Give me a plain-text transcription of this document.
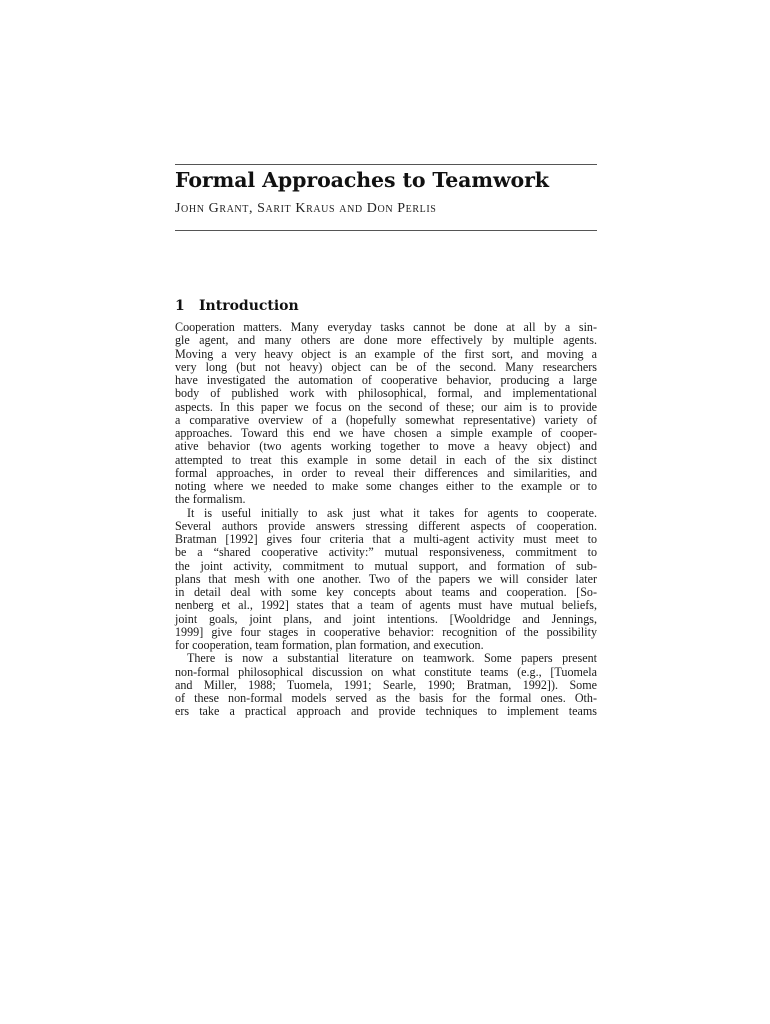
Formal Approaches to Teamwork
John Grant, Sarit Kraus and Don Perlis
1 Introduction
Cooperation matters. Many everyday tasks cannot be done at all by a sin-
gle agent, and many others are done more effectively by multiple agents.
Moving a very heavy object is an example of the first sort, and moving a
very long (but not heavy) object can be of the second. Many researchers
have investigated the automation of cooperative behavior, producing a large
body of published work with philosophical, formal, and implementational
aspects. In this paper we focus on the second of these; our aim is to provide
a comparative overview of a (hopefully somewhat representative) variety of
approaches. Toward this end we have chosen a simple example of cooper-
ative behavior (two agents working together to move a heavy object) and
attempted to treat this example in some detail in each of the six distinct
formal approaches, in order to reveal their differences and similarities, and
noting where we needed to make some changes either to the example or to
the formalism.
It is useful initially to ask just what it takes for agents to cooperate.
Several authors provide answers stressing different aspects of cooperation.
Bratman [1992] gives four criteria that a multi-agent activity must meet to
be a “shared cooperative activity:” mutual responsiveness, commitment to
the joint activity, commitment to mutual support, and formation of sub-
plans that mesh with one another. Two of the papers we will consider later
in detail deal with some key concepts about teams and cooperation. [So-
nenberg et al., 1992] states that a team of agents must have mutual beliefs,
joint goals, joint plans, and joint intentions. [Wooldridge and Jennings,
1999] give four stages in cooperative behavior: recognition of the possibility
for cooperation, team formation, plan formation, and execution.
There is now a substantial literature on teamwork. Some papers present
non-formal philosophical discussion on what constitute teams (e.g., [Tuomela
and Miller, 1988; Tuomela, 1991; Searle, 1990; Bratman, 1992]). Some
of these non-formal models served as the basis for the formal ones. Oth-
ers take a practical approach and provide techniques to implement teams
